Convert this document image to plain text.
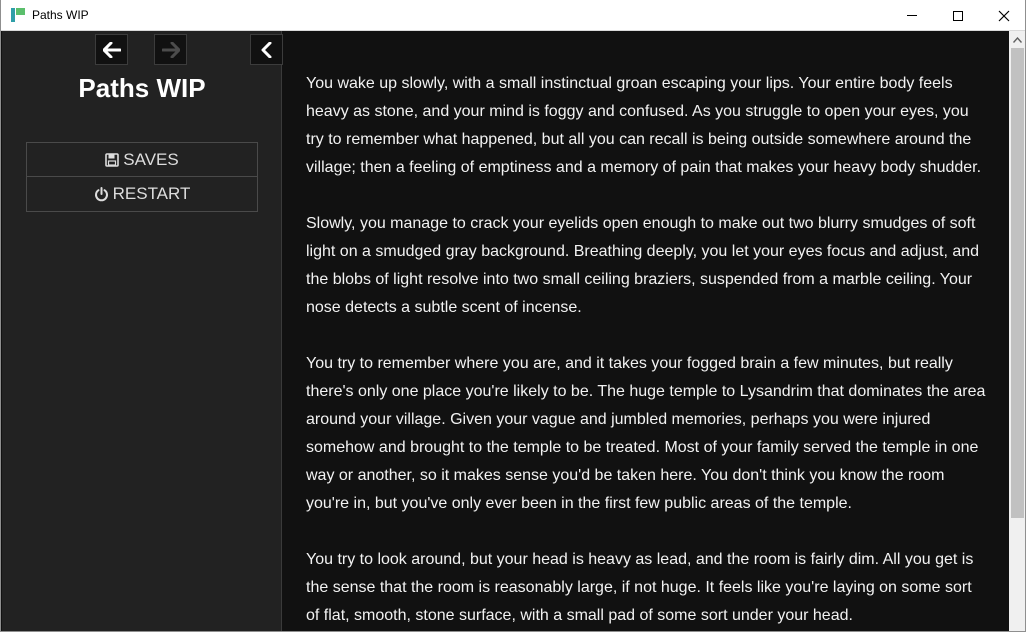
Paths WIP
Paths WIP
SAVES
RESTART

You wake up slowly, with a small instinctual groan escaping your lips. Your entire body feels heavy as stone, and your mind is foggy and confused. As you struggle to open your eyes, you try to remember what happened, but all you can recall is being outside somewhere around the village; then a feeling of emptiness and a memory of pain that makes your heavy body shudder.

Slowly, you manage to crack your eyelids open enough to make out two blurry smudges of soft light on a smudged gray background. Breathing deeply, you let your eyes focus and adjust, and the blobs of light resolve into two small ceiling braziers, suspended from a marble ceiling. Your nose detects a subtle scent of incense.

You try to remember where you are, and it takes your fogged brain a few minutes, but really there's only one place you're likely to be. The huge temple to Lysandrim that dominates the area around your village. Given your vague and jumbled memories, perhaps you were injured somehow and brought to the temple to be treated. Most of your family served the temple in one way or another, so it makes sense you'd be taken here. You don't think you know the room you're in, but you've only ever been in the first few public areas of the temple.

You try to look around, but your head is heavy as lead, and the room is fairly dim. All you get is the sense that the room is reasonably large, if not huge. It feels like you're laying on some sort of flat, smooth, stone surface, with a small pad of some sort under your head.
